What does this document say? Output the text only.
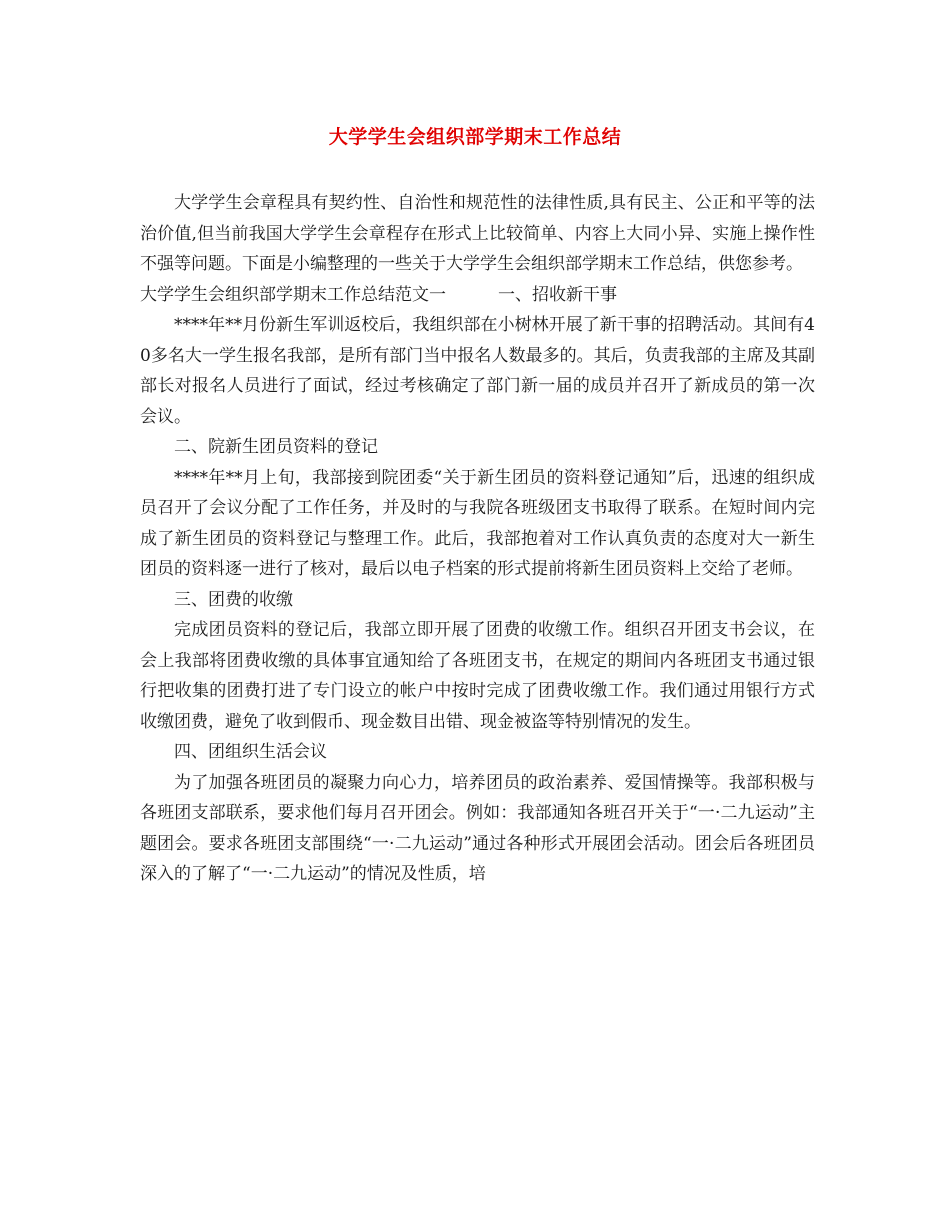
大学学生会组织部学期末工作总结

大学学生会章程具有契约性、自治性和规范性的法律性质,具有民主、公正和平等的法治价值,但当前我国大学学生会章程存在形式上比较简单、内容上大同小异、实施上操作性不强等问题。下面是小编整理的一些关于大学学生会组织部学期末工作总结，供您参考。

大学学生会组织部学期末工作总结范文一	一、招收新干事

****年**月份新生军训返校后，我组织部在小树林开展了新干事的招聘活动。其间有40多名大一学生报名我部，是所有部门当中报名人数最多的。其后，负责我部的主席及其副部长对报名人员进行了面试，经过考核确定了部门新一届的成员并召开了新成员的第一次会议。

二、院新生团员资料的登记

****年**月上旬，我部接到院团委“关于新生团员的资料登记通知”后，迅速的组织成员召开了会议分配了工作任务，并及时的与我院各班级团支书取得了联系。在短时间内完成了新生团员的资料登记与整理工作。此后，我部抱着对工作认真负责的态度对大一新生团员的资料逐一进行了核对，最后以电子档案的形式提前将新生团员资料上交给了老师。

三、团费的收缴

完成团员资料的登记后，我部立即开展了团费的收缴工作。组织召开团支书会议，在会上我部将团费收缴的具体事宜通知给了各班团支书，在规定的期间内各班团支书通过银行把收集的团费打进了专门设立的帐户中按时完成了团费收缴工作。我们通过用银行方式收缴团费，避免了收到假币、现金数目出错、现金被盗等特别情况的发生。

四、团组织生活会议

为了加强各班团员的凝聚力向心力，培养团员的政治素养、爱国情操等。我部积极与各班团支部联系，要求他们每月召开团会。例如：我部通知各班召开关于“一·二九运动”主题团会。要求各班团支部围绕“一·二九运动”通过各种形式开展团会活动。团会后各班团员深入的了解了“一·二九运动”的情况及性质，培
